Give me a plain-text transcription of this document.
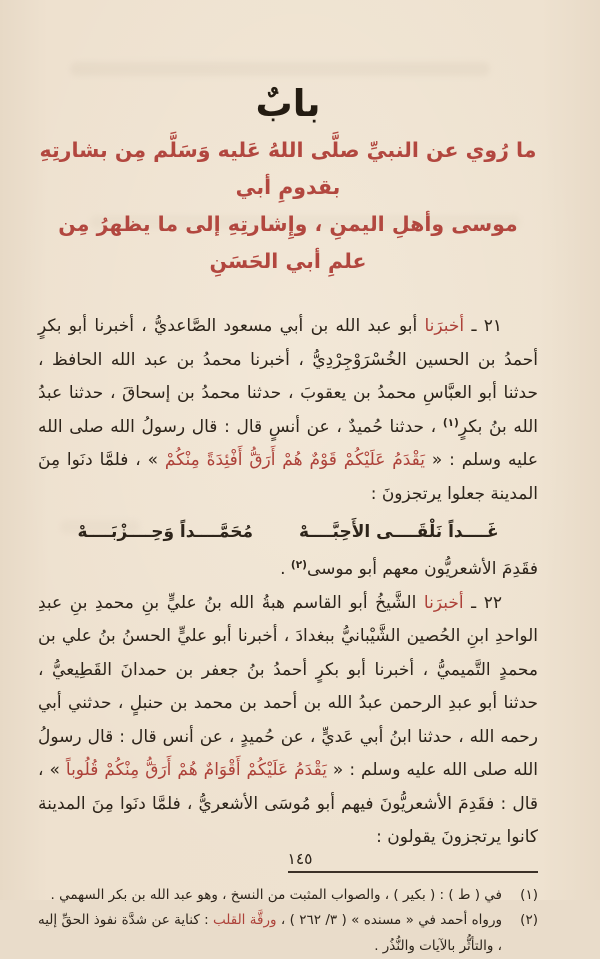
بابٌ
ما رُوي عن النبيِّ صلَّى اللهُ عَليه وَسَلَّم مِن بشارتِهِ بقدومِ أبي
موسى وأهلِ اليمنِ ، وإِشارتِهِ إلى ما يظهرُ مِن علمِ أبي الحَسَنِ
٢١ ـ أخبرَنا أبو عبد الله بن أبي مسعود الصَّاعديُّ ، أخبرنا أبو بكرٍ أحمدُ بن الحسين الخُسْرَوْجِرْدِيُّ ، أخبرنا محمدُ بن عبد الله الحافظ ، حدثنا أبو العبَّاسِ محمدُ بن يعقوبَ ، حدثنا محمدُ بن إسحاقَ ، حدثنا عبدُ الله بنُ بكرٍ$^{(١)}$ ، حدثنا حُميدٌ ، عن أنسٍ قال : قال رسولُ الله صلى الله عليه وسلم : « يَقْدَمُ عَلَيْكُمْ قَوْمٌ هُمْ أَرَقُّ أَفْئِدَةً مِنْكُمْ » ، فلمَّا دنَوا مِنَ المدينة جعلوا يرتجزونَ :
غَــــداً نَلْقَــــى الأَحِبَّــــهْ
مُحَمَّــــداً وَحِــــزْبَــــهْ
فقَدِمَ الأشعريُّون معهم أبو موسى$^{(٢)}$ .
٢٢ ـ أخبرَنا الشَّيخُ أبو القاسم هبةُ الله بنُ عليٍّ بنِ محمدِ بنِ عبدِ الواحدِ ابنِ الحُصين الشَّيْبانيُّ ببغدادَ ، أخبرنا أبو عليٍّ الحسنُ بنُ علي بن محمدٍ التَّميميُّ ، أخبرنا أبو بكرٍ أحمدُ بنُ جعفر بن حمدانَ القَطِيعيُّ ، حدثنا أبو عبدِ الرحمن عبدُ الله بن أحمد بن محمد بن حنبلٍ ، حدثني أبي رحمه الله ، حدثنا ابنُ أبي عَديٍّ ، عن حُميدٍ ، عن أنس قال : قال رسولُ الله صلى الله عليه وسلم : « يَقْدَمُ عَلَيْكُمْ أَقْوَامٌ هُمْ أَرَقُّ مِنْكُمْ قُلُوباً » ، قال : فقَدِمَ الأشعريُّونَ فيهم أبو مُوسَى الأشعريُّ ، فلمَّا دنَوا مِنَ المدينة كانوا يرتجزونَ يقولون :
(١)
في ( ط ) : ( بكير ) ، والصواب المثبت من النسخ ، وهو عبد الله بن بكر السهمي .
(٢)
ورواه أحمد في « مسنده » ( ٣/ ٢٦٢ ) ، ورقَّة القلب : كناية عن شدَّة نفوذ الحقِّ إليه ، والتأثُّر بالآيات والنُّذُر .
١٤٥
